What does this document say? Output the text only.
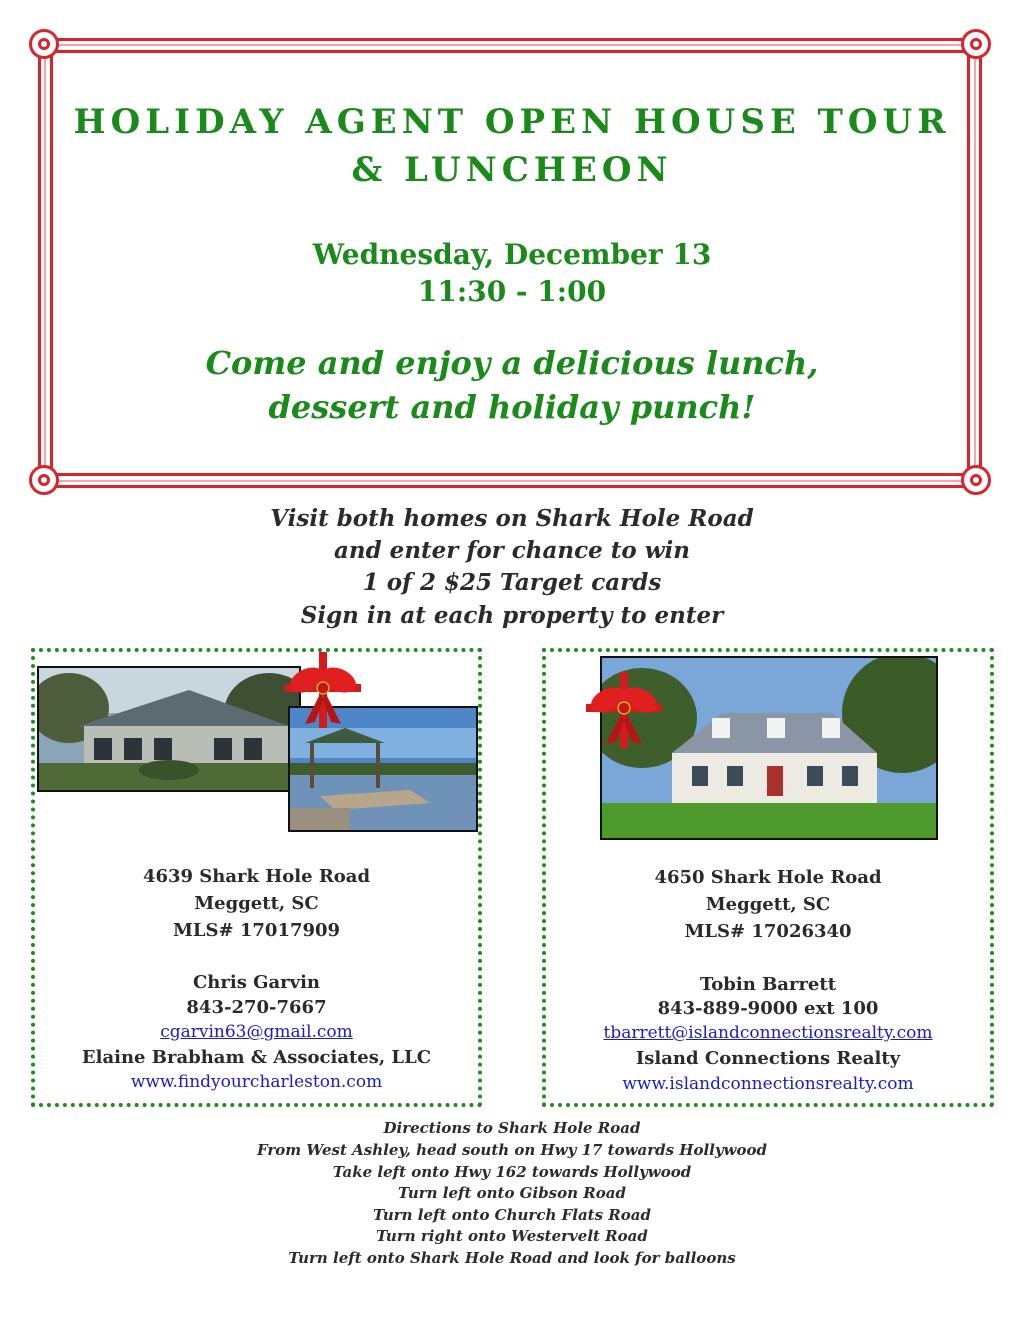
HOLIDAY AGENT OPEN HOUSE TOUR
& LUNCHEON

Wednesday, December 13

11:30 - 1:00

Come and enjoy a delicious lunch,

dessert and holiday punch!

Visit both homes on Shark Hole Road

and enter for chance to win

1 of 2 $25 Target cards

Sign in at each property to enter

4639 Shark Hole Road

Meggett, SC

MLS# 17017909

Chris Garvin

843-270-7667

cgarvin63@gmail.com

Elaine Brabham & Associates, LLC

www.findyourcharleston.com

4650 Shark Hole Road

Meggett, SC

MLS# 17026340

Tobin Barrett

843-889-9000 ext 100

tbarrett@islandconnectionsrealty.com

Island Connections Realty

www.islandconnectionsrealty.com

Directions to Shark Hole Road

From West Ashley, head south on Hwy 17 towards Hollywood

Take left onto Hwy 162 towards Hollywood

Turn left onto Gibson Road

Turn left onto Church Flats Road

Turn right onto Westervelt Road

Turn left onto Shark Hole Road and look for balloons
